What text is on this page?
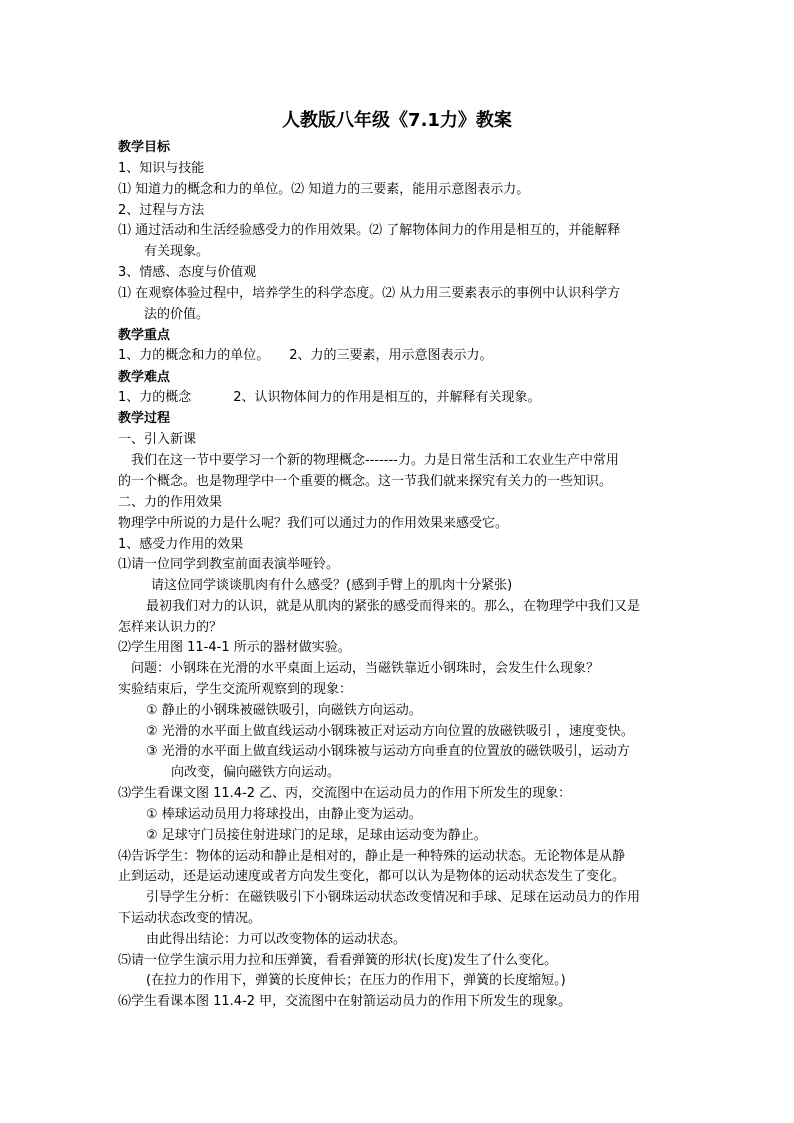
人教版八年级《7.1力》教案
教学目标
1、知识与技能
⑴ 知道力的概念和力的单位。⑵ 知道力的三要素，能用示意图表示力。
2、过程与方法
⑴ 通过活动和生活经验感受力的作用效果。⑵ 了解物体间力的作用是相互的，并能解释
有关现象。
3、情感、态度与价值观
⑴ 在观察体验过程中，培养学生的科学态度。⑵ 从力用三要素表示的事例中认识科学方
法的价值。
教学重点
1、力的概念和力的单位。 2、力的三要素，用示意图表示力。
教学难点
1、力的概念	2、认识物体间力的作用是相互的，并解释有关现象。
教学过程
一、引入新课
我们在这一节中要学习一个新的物理概念-------力。力是日常生活和工农业生产中常用
的一个概念。也是物理学中一个重要的概念。这一节我们就来探究有关力的一些知识。
二、力的作用效果
物理学中所说的力是什么呢？我们可以通过力的作用效果来感受它。
1、感受力作用的效果
⑴请一位同学到教室前面表演举哑铃。
请这位同学谈谈肌肉有什么感受？(感到手臂上的肌肉十分紧张)
最初我们对力的认识，就是从肌肉的紧张的感受而得来的。那么，在物理学中我们又是
怎样来认识力的？
⑵学生用图 11-4-1 所示的器材做实验。
问题：小钢珠在光滑的水平桌面上运动，当磁铁靠近小钢珠时，会发生什么现象？
实验结束后，学生交流所观察到的现象：
① 静止的小钢珠被磁铁吸引，向磁铁方向运动。
② 光滑的水平面上做直线运动小钢珠被正对运动方向位置的放磁铁吸引 ，速度变快。
③ 光滑的水平面上做直线运动小钢珠被与运动方向垂直的位置放的磁铁吸引，运动方
向改变，偏向磁铁方向运动。
⑶学生看课文图 11.4-2 乙、丙，交流图中在运动员力的作用下所发生的现象：
① 棒球运动员用力将球投出，由静止变为运动。
② 足球守门员接住射进球门的足球，足球由运动变为静止。
⑷告诉学生：物体的运动和静止是相对的，静止是一种特殊的运动状态。无论物体是从静
止到运动，还是运动速度或者方向发生变化，都可以认为是物体的运动状态发生了变化。
引导学生分析：在磁铁吸引下小钢珠运动状态改变情况和手球、足球在运动员力的作用
下运动状态改变的情况。
由此得出结论：力可以改变物体的运动状态。
⑸请一位学生演示用力拉和压弹簧，看看弹簧的形状(长度)发生了什么变化。
(在拉力的作用下，弹簧的长度伸长；在压力的作用下，弹簧的长度缩短。)
⑹学生看课本图 11.4-2 甲，交流图中在射箭运动员力的作用下所发生的现象。
